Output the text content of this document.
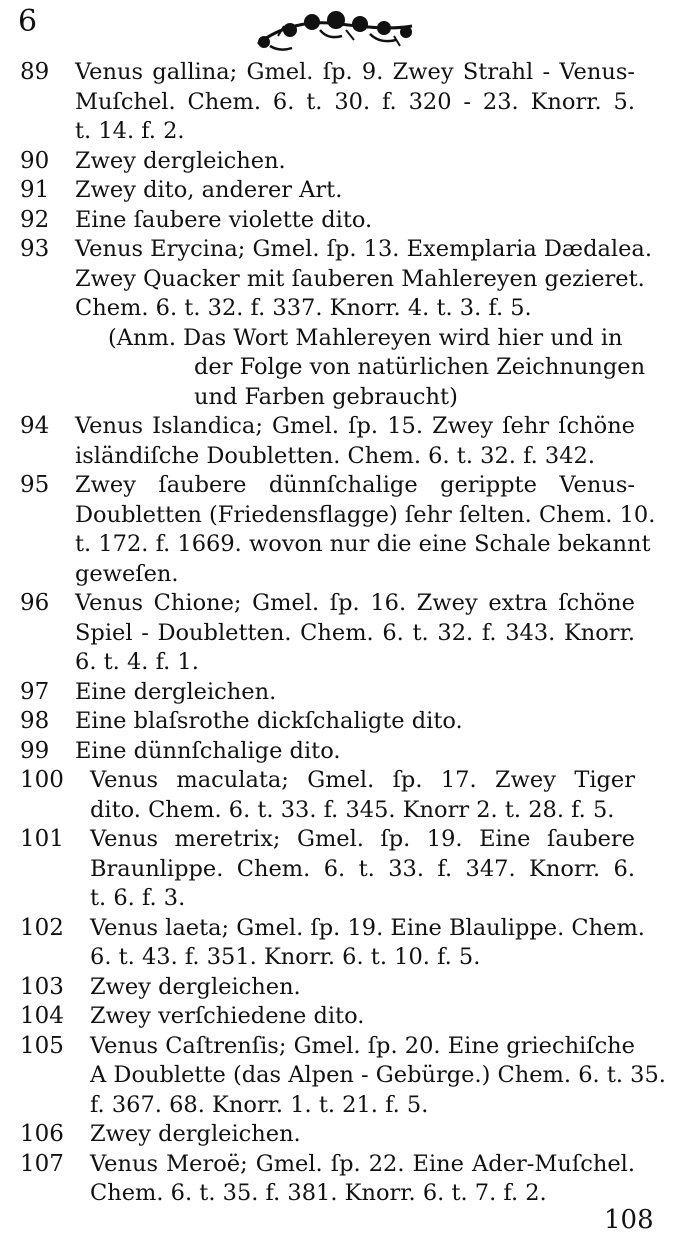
6
89	Venus gallina; Gmel. ſp. 9. Zwey Strahl - Venus-
Muſchel. Chem. 6. t. 30. f. 320 - 23. Knorr. 5.
t. 14. f. 2.
90	Zwey dergleichen.
91	Zwey dito, anderer Art.
92	Eine ſaubere violette dito.
93	Venus Erycina; Gmel. ſp. 13. Exemplaria Dædalea.
Zwey Quacker mit ſauberen Mahlereyen gezieret.
Chem. 6. t. 32. f. 337. Knorr. 4. t. 3. f. 5.
(Anm. Das Wort Mahlereyen wird hier und in
der Folge von natürlichen Zeichnungen
und Farben gebraucht)
94	Venus Islandica; Gmel. ſp. 15. Zwey ſehr ſchöne
isländiſche Doubletten. Chem. 6. t. 32. f. 342.
95	Zwey ſaubere dünnſchalige gerippte Venus-
Doubletten (Friedensflagge) ſehr ſelten. Chem. 10.
t. 172. f. 1669. wovon nur die eine Schale bekannt
geweſen.
96	Venus Chione; Gmel. ſp. 16. Zwey extra ſchöne
Spiel - Doubletten. Chem. 6. t. 32. f. 343. Knorr.
6. t. 4. f. 1.
97	Eine dergleichen.
98	Eine blaſsrothe dickſchaligte dito.
99	Eine dünnſchalige dito.
100	Venus maculata; Gmel. ſp. 17. Zwey Tiger
dito. Chem. 6. t. 33. f. 345. Knorr 2. t. 28. f. 5.
101	Venus meretrix; Gmel. ſp. 19. Eine ſaubere
Braunlippe. Chem. 6. t. 33. f. 347. Knorr. 6.
t. 6. f. 3.
102	Venus laeta; Gmel. ſp. 19. Eine Blaulippe. Chem.
6. t. 43. f. 351. Knorr. 6. t. 10. f. 5.
103	Zwey dergleichen.
104	Zwey verſchiedene dito.
105	Venus Caſtrenſis; Gmel. ſp. 20. Eine griechiſche
A Doublette (das Alpen - Gebürge.) Chem. 6. t. 35.
f. 367. 68. Knorr. 1. t. 21. f. 5.
106	Zwey dergleichen.
107	Venus Meroë; Gmel. ſp. 22. Eine Ader-Muſchel.
Chem. 6. t. 35. f. 381. Knorr. 6. t. 7. f. 2.
108
